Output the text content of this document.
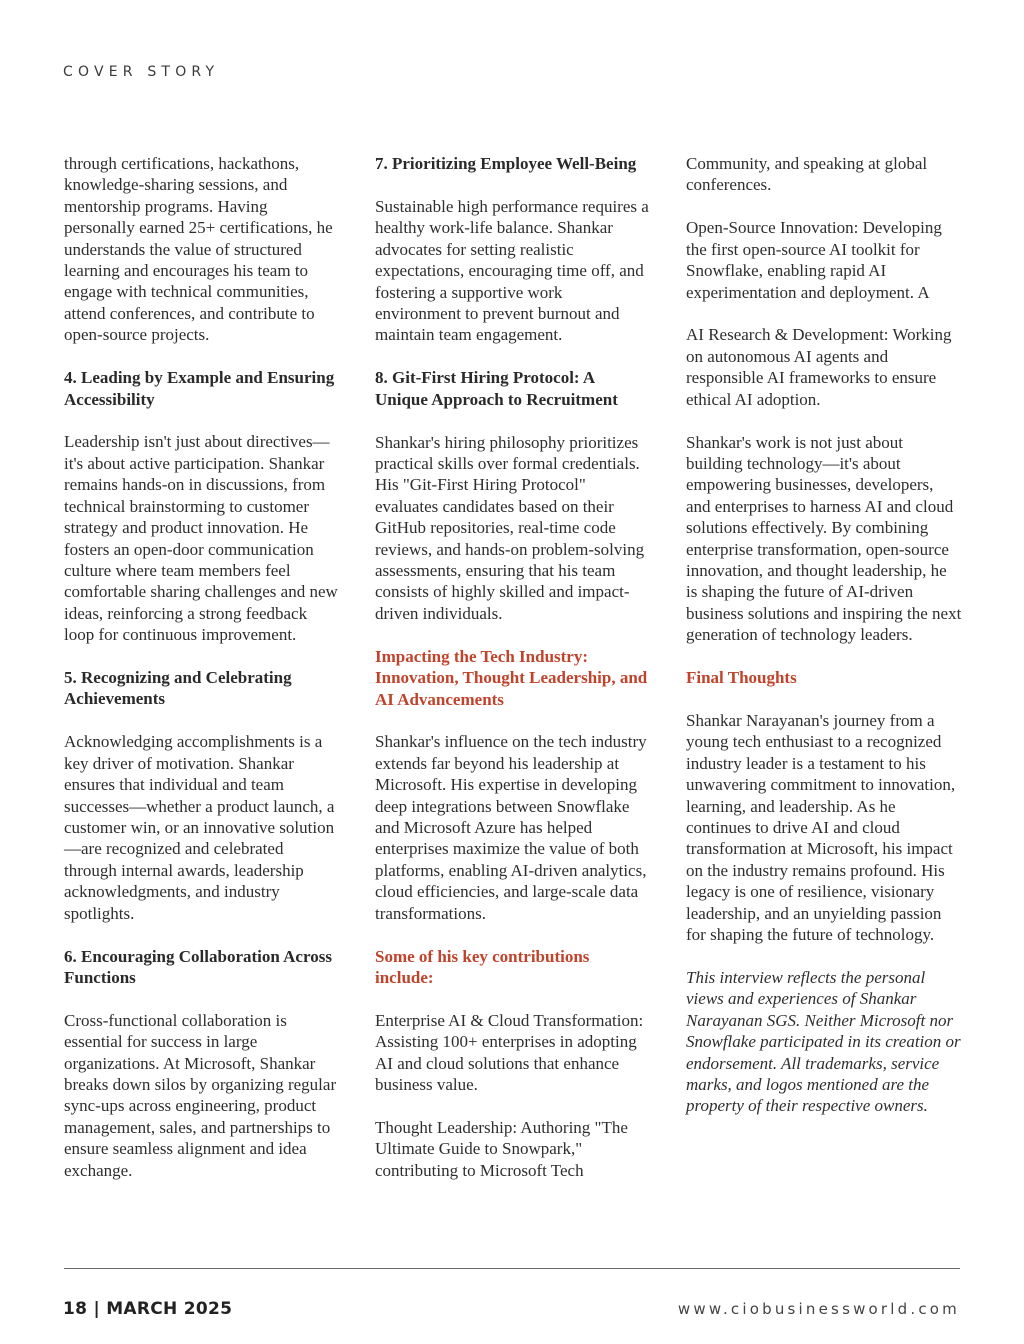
COVER STORY

through certifications, hackathons, knowledge-sharing sessions, and mentorship programs. Having personally earned 25+ certifications, he understands the value of structured learning and encourages his team to engage with technical communities, attend conferences, and contribute to open-source projects.

4. Leading by Example and Ensuring Accessibility

Leadership isn't just about directives—it's about active participation. Shankar remains hands-on in discussions, from technical brainstorming to customer strategy and product innovation. He fosters an open-door communication culture where team members feel comfortable sharing challenges and new ideas, reinforcing a strong feedback loop for continuous improvement.

5. Recognizing and Celebrating Achievements

Acknowledging accomplishments is a key driver of motivation. Shankar ensures that individual and team successes—whether a product launch, a customer win, or an innovative solution—are recognized and celebrated through internal awards, leadership acknowledgments, and industry spotlights.

6. Encouraging Collaboration Across Functions

Cross-functional collaboration is essential for success in large organizations. At Microsoft, Shankar breaks down silos by organizing regular sync-ups across engineering, product management, sales, and partnerships to ensure seamless alignment and idea exchange.

7. Prioritizing Employee Well-Being

Sustainable high performance requires a healthy work-life balance. Shankar advocates for setting realistic expectations, encouraging time off, and fostering a supportive work environment to prevent burnout and maintain team engagement.

8. Git-First Hiring Protocol: A Unique Approach to Recruitment

Shankar's hiring philosophy prioritizes practical skills over formal credentials. His "Git-First Hiring Protocol" evaluates candidates based on their GitHub repositories, real-time code reviews, and hands-on problem-solving assessments, ensuring that his team consists of highly skilled and impact-driven individuals.

Impacting the Tech Industry: Innovation, Thought Leadership, and AI Advancements

Shankar's influence on the tech industry extends far beyond his leadership at Microsoft. His expertise in developing deep integrations between Snowflake and Microsoft Azure has helped enterprises maximize the value of both platforms, enabling AI-driven analytics, cloud efficiencies, and large-scale data transformations.

Some of his key contributions include:

Enterprise AI & Cloud Transformation: Assisting 100+ enterprises in adopting AI and cloud solutions that enhance business value.

Thought Leadership: Authoring "The Ultimate Guide to Snowpark," contributing to Microsoft Tech

Community, and speaking at global conferences.

Open-Source Innovation: Developing the first open-source AI toolkit for Snowflake, enabling rapid AI experimentation and deployment. A

AI Research & Development: Working on autonomous AI agents and responsible AI frameworks to ensure ethical AI adoption.

Shankar's work is not just about building technology—it's about empowering businesses, developers, and enterprises to harness AI and cloud solutions effectively. By combining enterprise transformation, open-source innovation, and thought leadership, he is shaping the future of AI-driven business solutions and inspiring the next generation of technology leaders.

Final Thoughts

Shankar Narayanan's journey from a young tech enthusiast to a recognized industry leader is a testament to his unwavering commitment to innovation, learning, and leadership. As he continues to drive AI and cloud transformation at Microsoft, his impact on the industry remains profound. His legacy is one of resilience, visionary leadership, and an unyielding passion for shaping the future of technology.

This interview reflects the personal views and experiences of Shankar Narayanan SGS. Neither Microsoft nor Snowflake participated in its creation or endorsement. All trademarks, service marks, and logos mentioned are the property of their respective owners.

18 | MARCH 2025	www.ciobusinessworld.com
